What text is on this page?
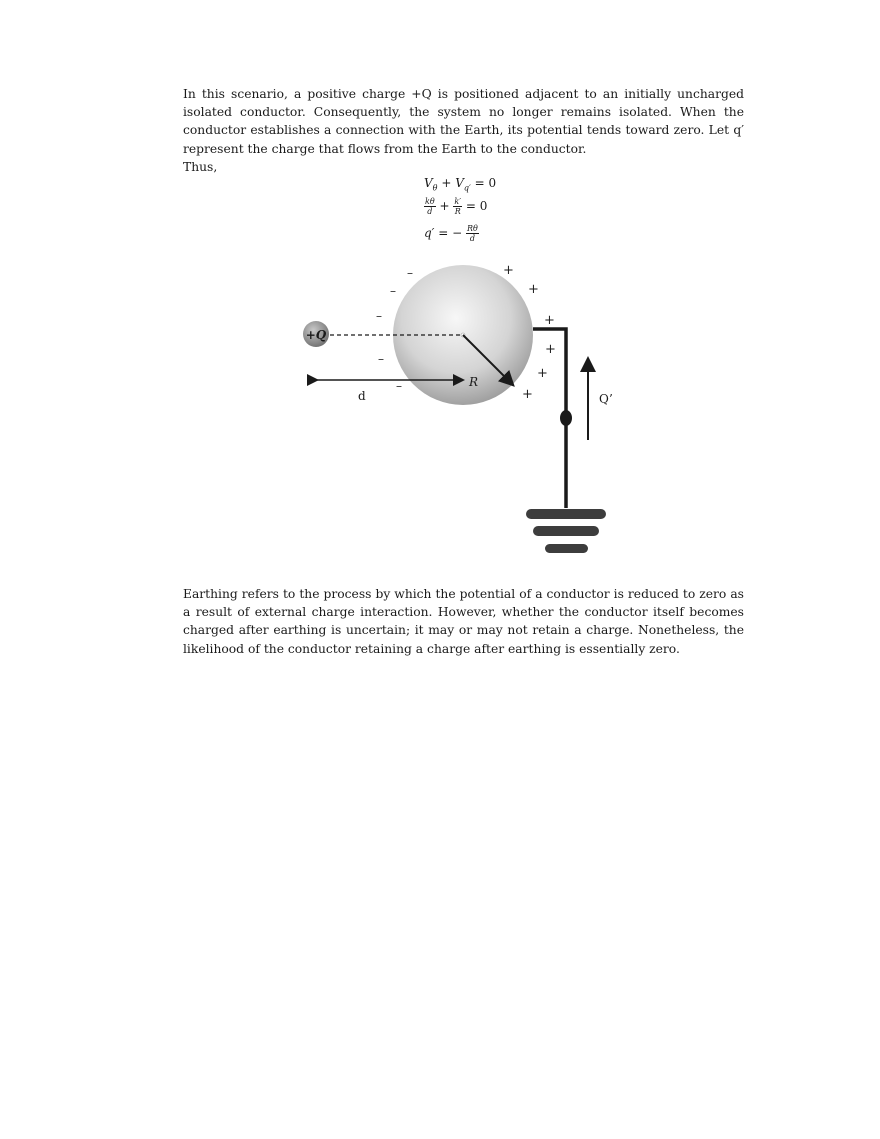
In this scenario, a positive charge +Q is positioned adjacent to an initially uncharged isolated conductor. Consequently, the system no longer remains isolated. When the conductor establishes a connection with the Earth, its potential tends toward zero. Let q′ represent the charge that flows from the Earth to the conductor.

Thus,

$V_\theta + V_{q'} = 0$
$\frac{k\theta}{d} + \frac{k'}{R} = 0$
q′ = − $\frac{R\theta}{d}$
+Q
R
d
–
–
–
–
–
+
+
+
+
+
+	Q’

Earthing refers to the process by which the potential of a conductor is reduced to zero as a result of external charge interaction. However, whether the conductor itself becomes charged after earthing is uncertain; it may or may not retain a charge. Nonetheless, the likelihood of the conductor retaining a charge after earthing is essentially zero.
